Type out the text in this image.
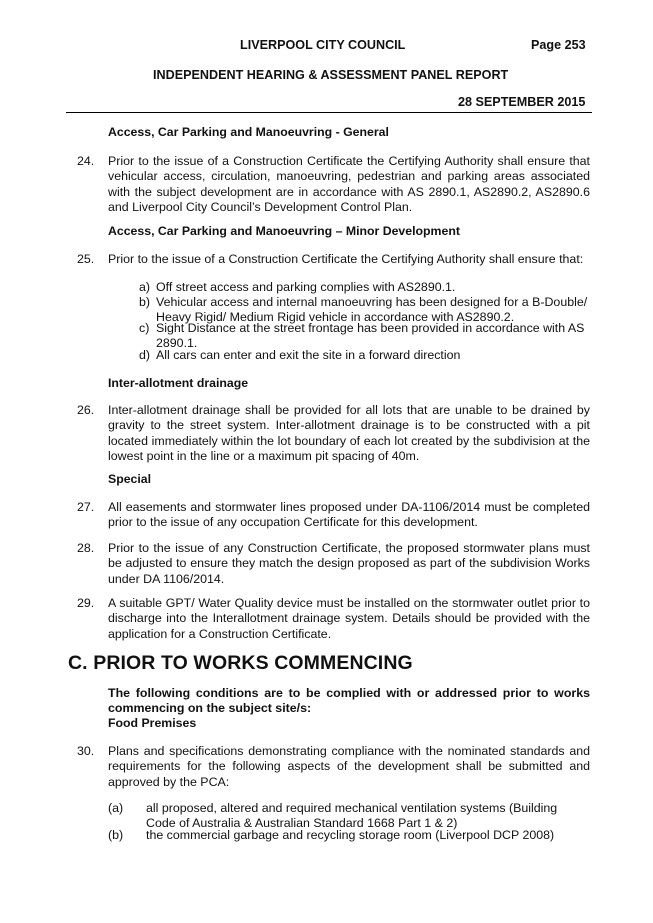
LIVERPOOL CITY COUNCIL	Page 253
INDEPENDENT HEARING & ASSESSMENT PANEL REPORT
28 SEPTEMBER 2015
Access, Car Parking and Manoeuvring - General
24. Prior to the issue of a Construction Certificate the Certifying Authority shall ensure that vehicular access, circulation, manoeuvring, pedestrian and parking areas associated with the subject development are in accordance with AS 2890.1, AS2890.2, AS2890.6 and Liverpool City Council’s Development Control Plan.
Access, Car Parking and Manoeuvring – Minor Development
25. Prior to the issue of a Construction Certificate the Certifying Authority shall ensure that:
a) Off street access and parking complies with AS2890.1.
b) Vehicular access and internal manoeuvring has been designed for a B-Double/ Heavy Rigid/ Medium Rigid vehicle in accordance with AS2890.2.
c) Sight Distance at the street frontage has been provided in accordance with AS 2890.1.
d) All cars can enter and exit the site in a forward direction
Inter-allotment drainage
26. Inter-allotment drainage shall be provided for all lots that are unable to be drained by gravity to the street system. Inter-allotment drainage is to be constructed with a pit located immediately within the lot boundary of each lot created by the subdivision at the lowest point in the line or a maximum pit spacing of 40m.
Special
27. All easements and stormwater lines proposed under DA-1106/2014 must be completed prior to the issue of any occupation Certificate for this development.
28. Prior to the issue of any Construction Certificate, the proposed stormwater plans must be adjusted to ensure they match the design proposed as part of the subdivision Works under DA 1106/2014.
29. A suitable GPT/ Water Quality device must be installed on the stormwater outlet prior to discharge into the Interallotment drainage system. Details should be provided with the application for a Construction Certificate.
C. PRIOR TO WORKS COMMENCING
The following conditions are to be complied with or addressed prior to works commencing on the subject site/s:
Food Premises
30. Plans and specifications demonstrating compliance with the nominated standards and requirements for the following aspects of the development shall be submitted and approved by the PCA:
(a) all proposed, altered and required mechanical ventilation systems (Building Code of Australia & Australian Standard 1668 Part 1 & 2)
(b) the commercial garbage and recycling storage room (Liverpool DCP 2008)
